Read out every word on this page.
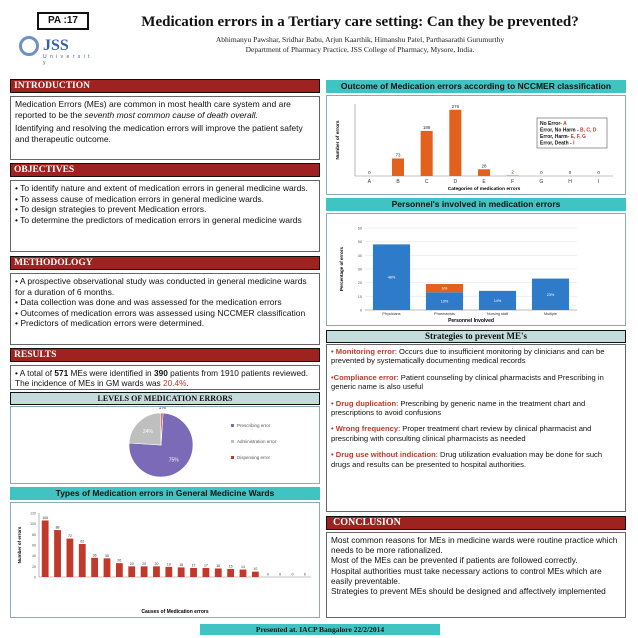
PA :17
JSS
U n i v e r s i t y
Medication errors in a Tertiary care setting: Can they be prevented?
Abhimanyu Pawshar, Sridhar Babu, Arjun Kaarthik, Himanshu Patel, Parthasarathi Gurumurthy
Department of Pharmacy Practice, JSS College of Pharmacy, Mysore, India.
INTRODUCTION

Medication Errors (MEs) are common in most health care system and are reported to be the seventh most common cause of death overall.

Identifying and resolving the medication errors will improve the patient safety and therapeutic outcome.

OBJECTIVES
• To identify nature and extent of medication errors in general medicine wards.
• To assess cause of medication errors in general medicine wards.
• To design strategies to prevent Medication errors.
• To determine the predictors of medication errors in general medicine wards
METHODOLOGY
• A prospective observational study was conducted in general medicine wards for a duration of 6 months.
• Data collection was done and was assessed for the medication errors
• Outcomes of medication errors was assessed using NCCMER classification
• Predictors of medication errors were determined.
RESULTS
• A total of 571 MEs were identified in 390 patients from 1910 patients reviewed. The incidence of MEs in GM wards was 20.4%.
LEVELS OF MEDICATION ERRORS
75%
24%
1%
Prescribing error
Administration error
Dispensing error
Types of Medication errors in General Medicine Wards
0
20
40
60
80
100
120
106
88
72
62
36 35
26
20 20 20 19 18 17 17 16 15 14
10
0	0	0	0
Causes of Medication errors
Number of errors
Outcome of Medication errors according to NCCMER classification
0
A
73
B
188
C
276
D
28
E
2
F
0
G
0
H
0
I
Categories of medication errors
Number of errors	No Error- A
Error, No Harm - B, C, D
Error, Harm- E, F, G
Error, Death - I
Personnel's involved in medication errors
0
10
20
30
40
50
60
48%
Physicians
6%
13%
Pharmacists
14%
Nursing staff
23%
Multiple
Personnel Involved
Percentage of errors
Strategies to prevent ME's

• Monitoring error: Occurs due to insufficient monitoring by clinicians and can be prevented by systematically documenting medical records

•Compliance error: Patient counseling by clinical pharmacists and Prescribing in generic name is also useful

• Drug duplication: Prescribing by generic name in the treatment chart and prescriptions to avoid confusions

• Wrong frequency: Proper treatment chart review by clinical pharmacist and prescribing with consulting clinical pharmacists as needed

• Drug use without indication: Drug utilization evaluation may be done for such drugs and results can be presented to hospital authorities.

CONCLUSION
Most common reasons for MEs in medicine wards were routine practice which needs to be more rationalized.
Most of the MEs can be prevented if patients are followed correctly.
Hospital authorities must take necessary actions to control MEs which are easily preventable.
Strategies to prevent MEs should be designed and affectively implemented
Presented at. IACP Bangalore 22/2/2014
